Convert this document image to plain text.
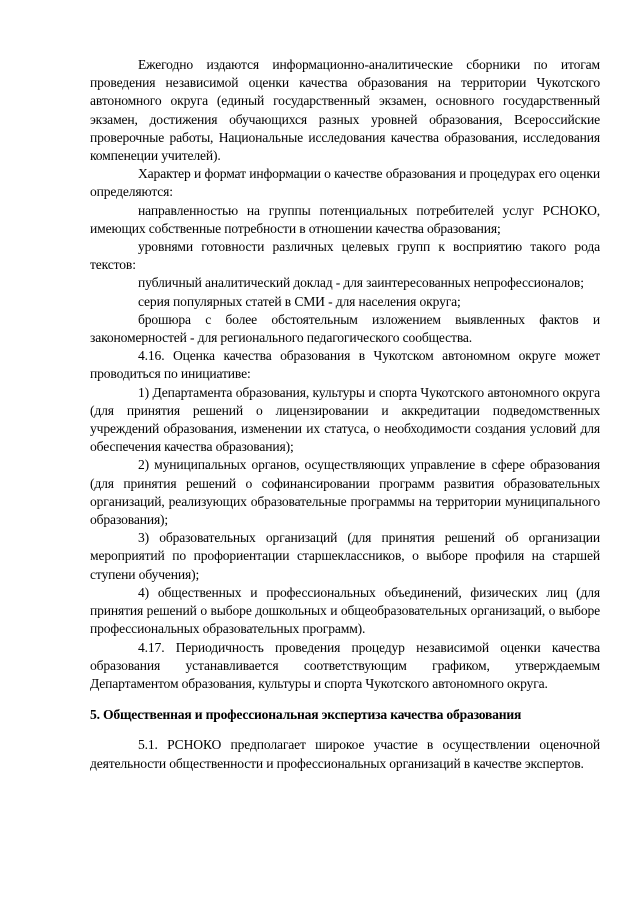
Ежегодно издаются информационно-аналитические сборники по итогам проведения независимой оценки качества образования на территории Чукотского автономного округа (единый государственный экзамен, основного государственный экзамен, достижения обучающихся разных уровней образования, Всероссийские проверочные работы, Национальные исследования качества образования, исследования компенеции учителей).

Характер и формат информации о качестве образования и процедурах его оценки определяются:

направленностью на группы потенциальных потребителей услуг РСНОКО, имеющих собственные потребности в отношении качества образования;

уровнями готовности различных целевых групп к восприятию такого рода текстов:

публичный аналитический доклад - для заинтересованных непрофессионалов;

серия популярных статей в СМИ - для населения округа;

брошюра с более обстоятельным изложением выявленных фактов и закономерностей - для регионального педагогического сообщества.

4.16. Оценка качества образования в Чукотском автономном округе может проводиться по инициативе:

1) Департамента образования, культуры и спорта Чукотского автономного округа (для принятия решений о лицензировании и аккредитации подведомственных учреждений образования, изменении их статуса, о необходимости создания условий для обеспечения качества образования);

2) муниципальных органов, осуществляющих управление в сфере образования (для принятия решений о софинансировании программ развития образовательных организаций, реализующих образовательные программы на территории муниципального образования);

3) образовательных организаций (для принятия решений об организации мероприятий по профориентации старшеклассников, о выборе профиля на старшей ступени обучения);

4) общественных и профессиональных объединений, физических лиц (для принятия решений о выборе дошкольных и общеобразовательных организаций, о выборе профессиональных образовательных программ).

4.17. Периодичность проведения процедур независимой оценки качества образования устанавливается соответствующим графиком, утверждаемым Департаментом образования, культуры и спорта Чукотского автономного округа.

5. Общественная и профессиональная экспертиза качества образования

5.1. РСНОКО предполагает широкое участие в осуществлении оценочной деятельности общественности и профессиональных организаций в качестве экспертов.
